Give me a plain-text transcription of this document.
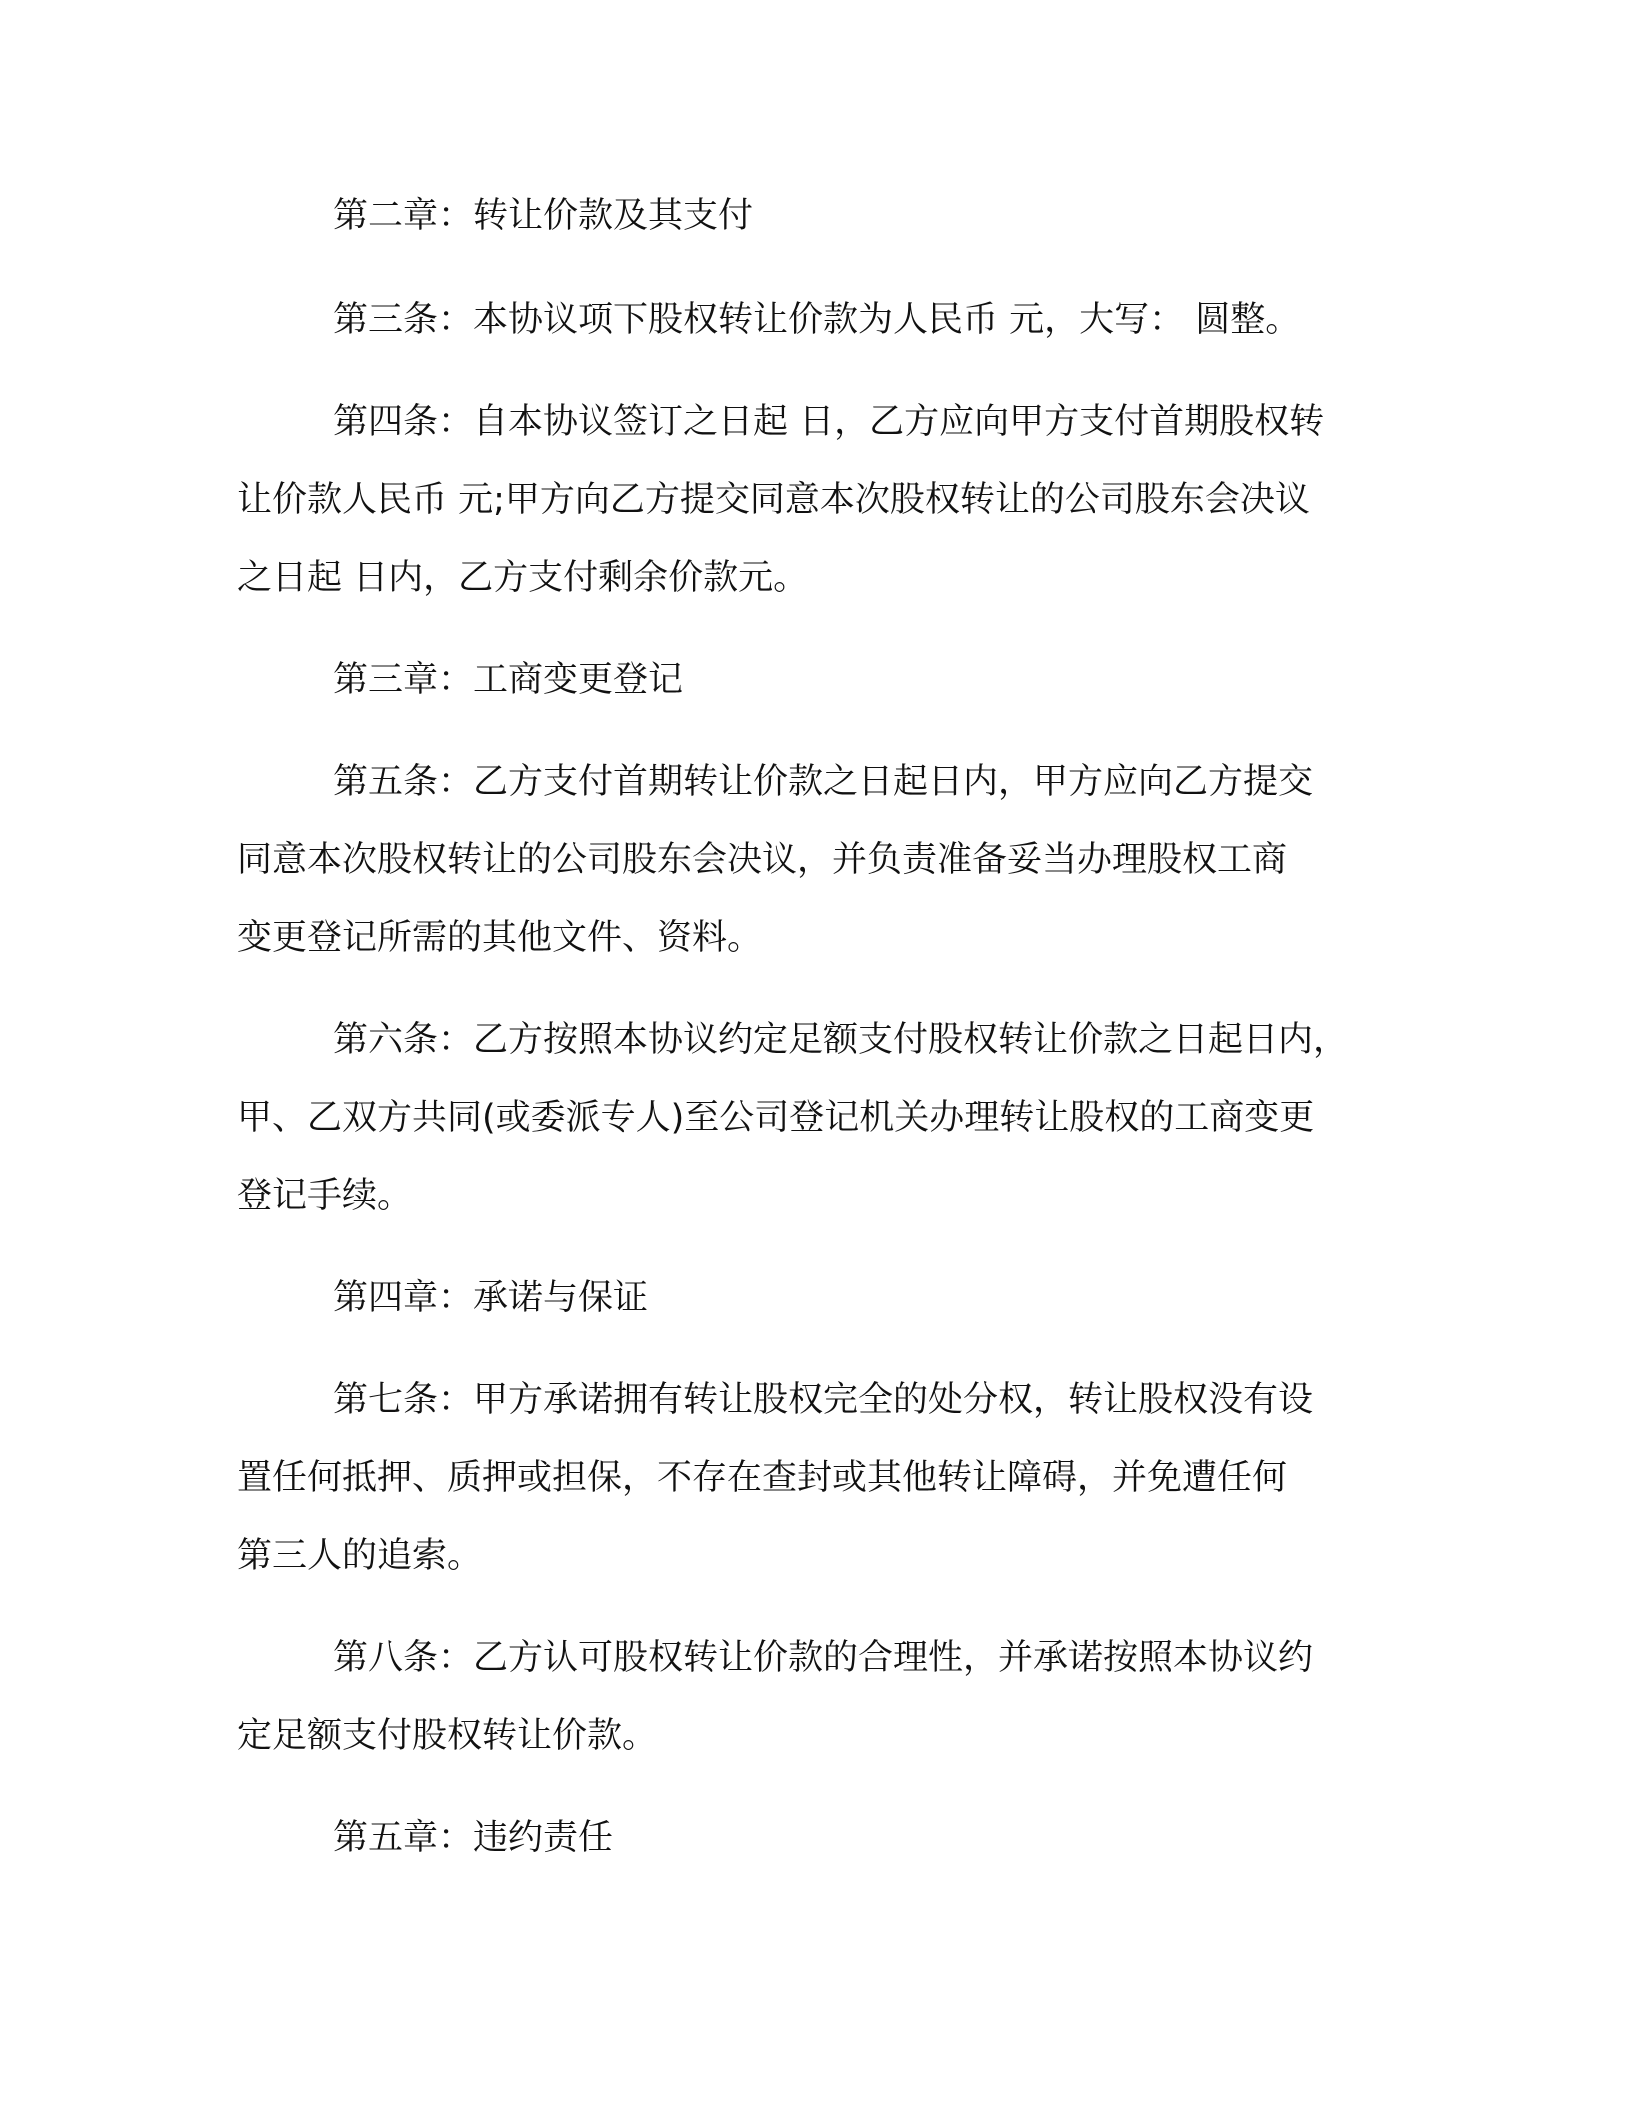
第二章：转让价款及其支付
第三条：本协议项下股权转让价款为人民币 元，大写： 圆整。
第四条：自本协议签订之日起 日，乙方应向甲方支付首期股权转
让价款人民币 元;甲方向乙方提交同意本次股权转让的公司股东会决议
之日起 日内，乙方支付剩余价款元。
第三章：工商变更登记
第五条：乙方支付首期转让价款之日起日内，甲方应向乙方提交
同意本次股权转让的公司股东会决议，并负责准备妥当办理股权工商
变更登记所需的其他文件、资料。
第六条：乙方按照本协议约定足额支付股权转让价款之日起日内，
甲、乙双方共同(或委派专人)至公司登记机关办理转让股权的工商变更
登记手续。
第四章：承诺与保证
第七条：甲方承诺拥有转让股权完全的处分权，转让股权没有设
置任何抵押、质押或担保，不存在查封或其他转让障碍，并免遭任何
第三人的追索。
第八条：乙方认可股权转让价款的合理性，并承诺按照本协议约
定足额支付股权转让价款。
第五章：违约责任
